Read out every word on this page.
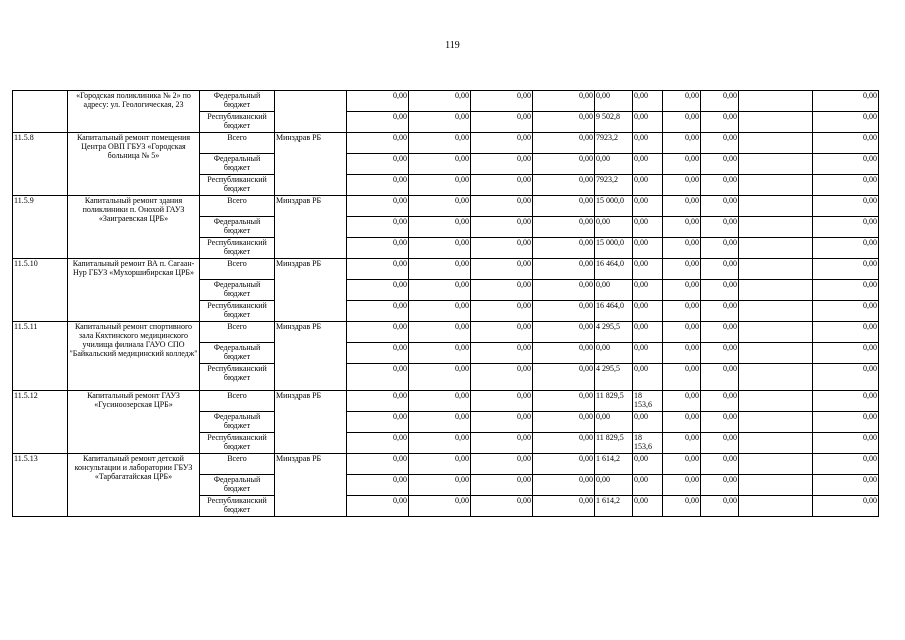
119
	«Городская поликлиника № 2» по адресу: ул. Геологическая, 23	Федеральный бюджет		0,00	0,00	0,00	0,00	0,00	0,00	0,00	0,00		0,00
		Республиканский бюджет		0,00	0,00	0,00	0,00	9 502,8	0,00	0,00	0,00		0,00
11.5.8	Капитальный ремонт помещения Центра ОВП ГБУЗ «Городская больница № 5»	Всего	Минздрав РБ	0,00	0,00	0,00	0,00	7923,2	0,00	0,00	0,00		0,00
		Федеральный бюджет		0,00	0,00	0,00	0,00	0,00	0,00	0,00	0,00		0,00
		Республиканский бюджет		0,00	0,00	0,00	0,00	7923,2	0,00	0,00	0,00		0,00
11.5.9	Капитальный ремонт здания поликлиники п. Онохой ГАУЗ «Заиграевская ЦРБ»	Всего	Минздрав РБ	0,00	0,00	0,00	0,00	15 000,0	0,00	0,00	0,00		0,00
		Федеральный бюджет		0,00	0,00	0,00	0,00	0,00	0,00	0,00	0,00		0,00
		Республиканский бюджет		0,00	0,00	0,00	0,00	15 000,0	0,00	0,00	0,00		0,00
11.5.10	Капитальный ремонт ВА п. Сагаан-Нур ГБУЗ «Мухоршибирская ЦРБ»	Всего	Минздрав РБ	0,00	0,00	0,00	0,00	16 464,0	0,00	0,00	0,00		0,00
		Федеральный бюджет		0,00	0,00	0,00	0,00	0,00	0,00	0,00	0,00		0,00
		Республиканский бюджет		0,00	0,00	0,00	0,00	16 464,0	0,00	0,00	0,00		0,00
11.5.11	Капитальный ремонт спортивного зала Кяхтинского медицинского училища филиала ГАУО СПО "Байкальский медицинский колледж"	Всего	Минздрав РБ	0,00	0,00	0,00	0,00	4 295,5	0,00	0,00	0,00		0,00
		Федеральный бюджет		0,00	0,00	0,00	0,00	0,00	0,00	0,00	0,00		0,00
		Республиканский бюджет		0,00	0,00	0,00	0,00	4 295,5	0,00	0,00	0,00		0,00
11.5.12	Капитальный ремонт ГАУЗ «Гусиноозерская ЦРБ»	Всего	Минздрав РБ	0,00	0,00	0,00	0,00	11 829,5	18 153,6	0,00	0,00		0,00
		Федеральный бюджет		0,00	0,00	0,00	0,00	0,00	0,00	0,00	0,00		0,00
		Республиканский бюджет		0,00	0,00	0,00	0,00	11 829,5	18 153,6	0,00	0,00		0,00
11.5.13	Капитальный ремонт детской консультации и лаборатории ГБУЗ «Тарбагатайская ЦРБ»	Всего	Минздрав РБ	0,00	0,00	0,00	0,00	1 614,2	0,00	0,00	0,00		0,00
		Федеральный бюджет		0,00	0,00	0,00	0,00	0,00	0,00	0,00	0,00		0,00
		Республиканский бюджет		0,00	0,00	0,00	0,00	1 614,2	0,00	0,00	0,00		0,00
